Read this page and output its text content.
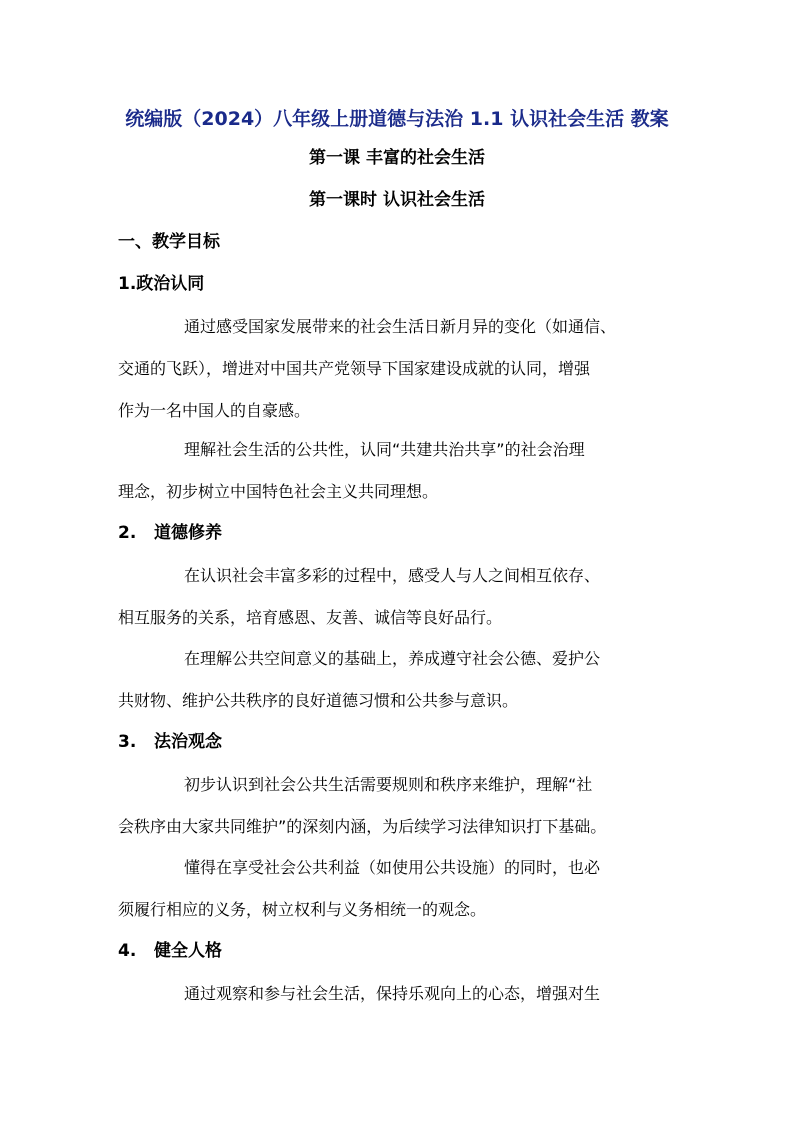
统编版（2024）八年级上册道德与法治 1.1 认识社会生活 教案
第一课 丰富的社会生活
第一课时 认识社会生活
一、教学目标
1.政治认同
通过感受国家发展带来的社会生活日新月异的变化（如通信、
交通的飞跃），增进对中国共产党领导下国家建设成就的认同，增强
作为一名中国人的自豪感。
理解社会生活的公共性，认同“共建共治共享”的社会治理
理念，初步树立中国特色社会主义共同理想。
2. 道德修养
在认识社会丰富多彩的过程中，感受人与人之间相互依存、
相互服务的关系，培育感恩、友善、诚信等良好品行。
在理解公共空间意义的基础上，养成遵守社会公德、爱护公
共财物、维护公共秩序的良好道德习惯和公共参与意识。
3. 法治观念
初步认识到社会公共生活需要规则和秩序来维护，理解“社
会秩序由大家共同维护”的深刻内涵，为后续学习法律知识打下基础。
懂得在享受社会公共利益（如使用公共设施）的同时，也必
须履行相应的义务，树立权利与义务相统一的观念。
4. 健全人格
通过观察和参与社会生活，保持乐观向上的心态，增强对生
